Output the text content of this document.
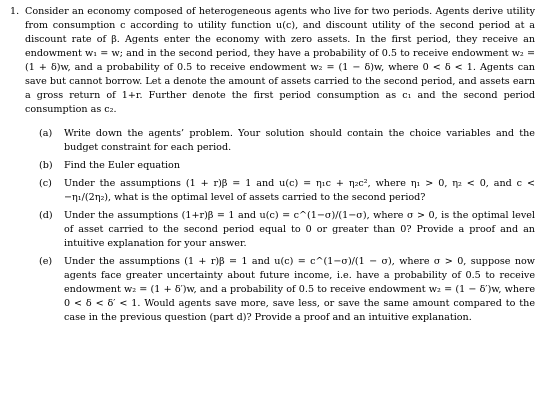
1. Consider an economy composed of heterogeneous agents who live for two periods. Agents derive utility from consumption c according to utility function u(c), and discount utility of the second period at a discount rate of β. Agents enter the economy with zero assets. In the first period, they receive an endowment w₁ = w; and in the second period, they have a probability of 0.5 to receive endowment w₂ = (1 + δ)w, and a probability of 0.5 to receive endowment w₂ = (1 − δ)w, where 0 < δ < 1. Agents can save but cannot borrow. Let a denote the amount of assets carried to the second period, and assets earn a gross return of 1+r. Further denote the first period consumption as c₁ and the second period consumption as c₂.

(a)	Write down the agents’ problem. Your solution should contain the choice variables and the budget constraint for each period.
(b)	Find the Euler equation
(c)	Under the assumptions (1 + r)β = 1 and u(c) = η₁c + η₂c², where η₁ > 0, η₂ < 0, and c < −η₁/(2η₂), what is the optimal level of assets carried to the second period?
(d)	Under the assumptions (1+r)β = 1 and u(c) = c^(1−σ)/(1−σ), where σ > 0, is the optimal level of asset carried to the second period equal to 0 or greater than 0? Provide a proof and an intuitive explanation for your answer.
(e)	Under the assumptions (1 + r)β = 1 and u(c) = c^(1−σ)/(1 − σ), where σ > 0, suppose now agents face greater uncertainty about future income, i.e. have a probability of 0.5 to receive endowment w₂ = (1 + δ′)w, and a probability of 0.5 to receive endowment w₂ = (1 − δ′)w, where 0 < δ < δ′ < 1. Would agents save more, save less, or save the same amount compared to the case in the previous question (part d)? Provide a proof and an intuitive explanation.
